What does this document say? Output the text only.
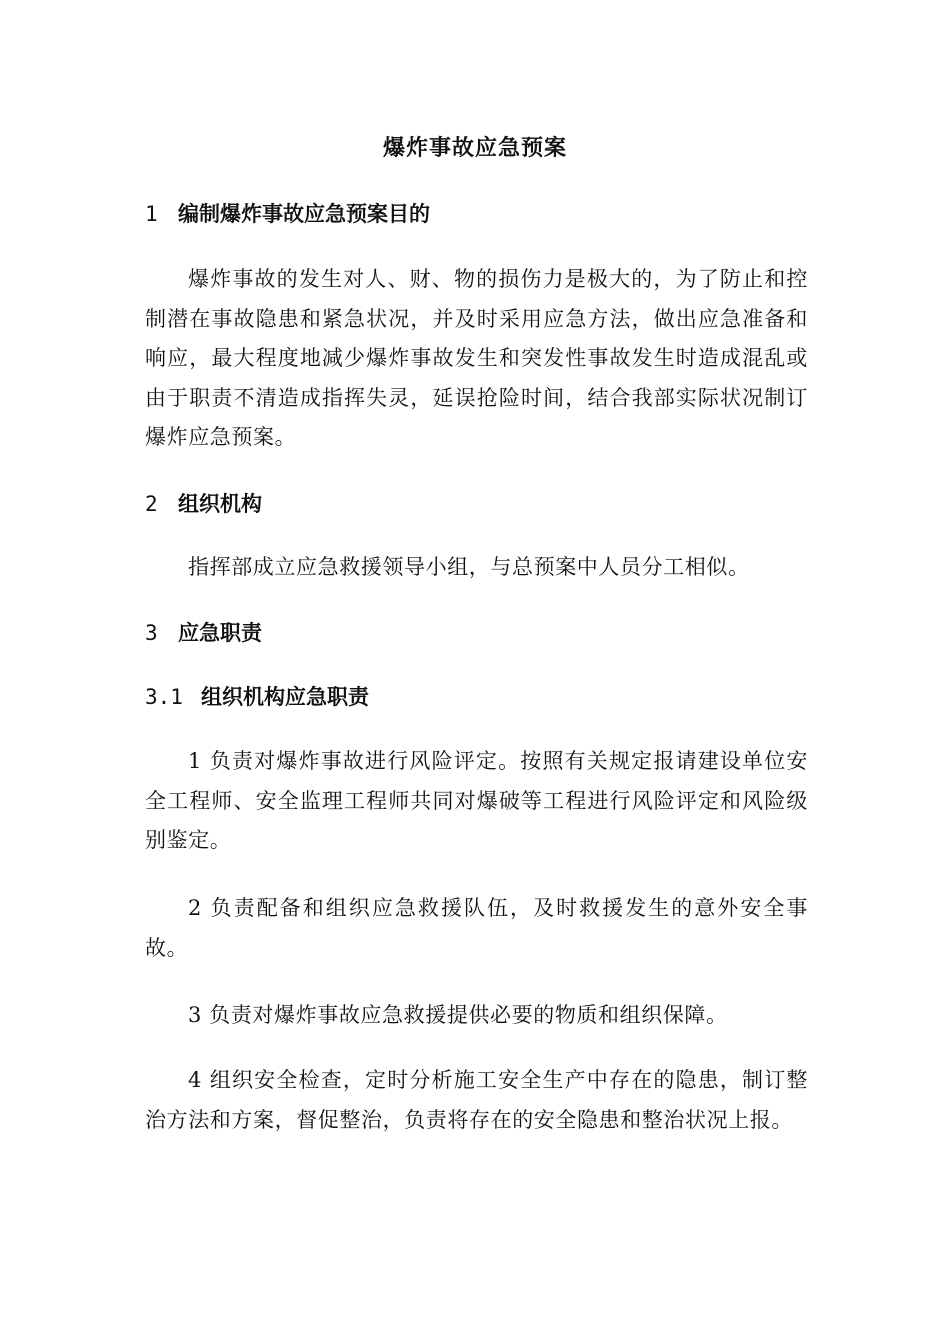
爆炸事故应急预案
1 编制爆炸事故应急预案目的
爆炸事故的发生对人、财、物的损伤力是极大的，为了防止和控制潜在事故隐患和紧急状况，并及时采用应急方法，做出应急准备和响应，最大程度地减少爆炸事故发生和突发性事故发生时造成混乱或由于职责不清造成指挥失灵，延误抢险时间，结合我部实际状况制订爆炸应急预案。
2 组织机构
指挥部成立应急救援领导小组，与总预案中人员分工相似。
3 应急职责
3.1 组织机构应急职责
1 负责对爆炸事故进行风险评定。按照有关规定报请建设单位安全工程师、安全监理工程师共同对爆破等工程进行风险评定和风险级别鉴定。
2 负责配备和组织应急救援队伍，及时救援发生的意外安全事故。
3 负责对爆炸事故应急救援提供必要的物质和组织保障。
4 组织安全检查，定时分析施工安全生产中存在的隐患，制订整治方法和方案，督促整治，负责将存在的安全隐患和整治状况上报。
